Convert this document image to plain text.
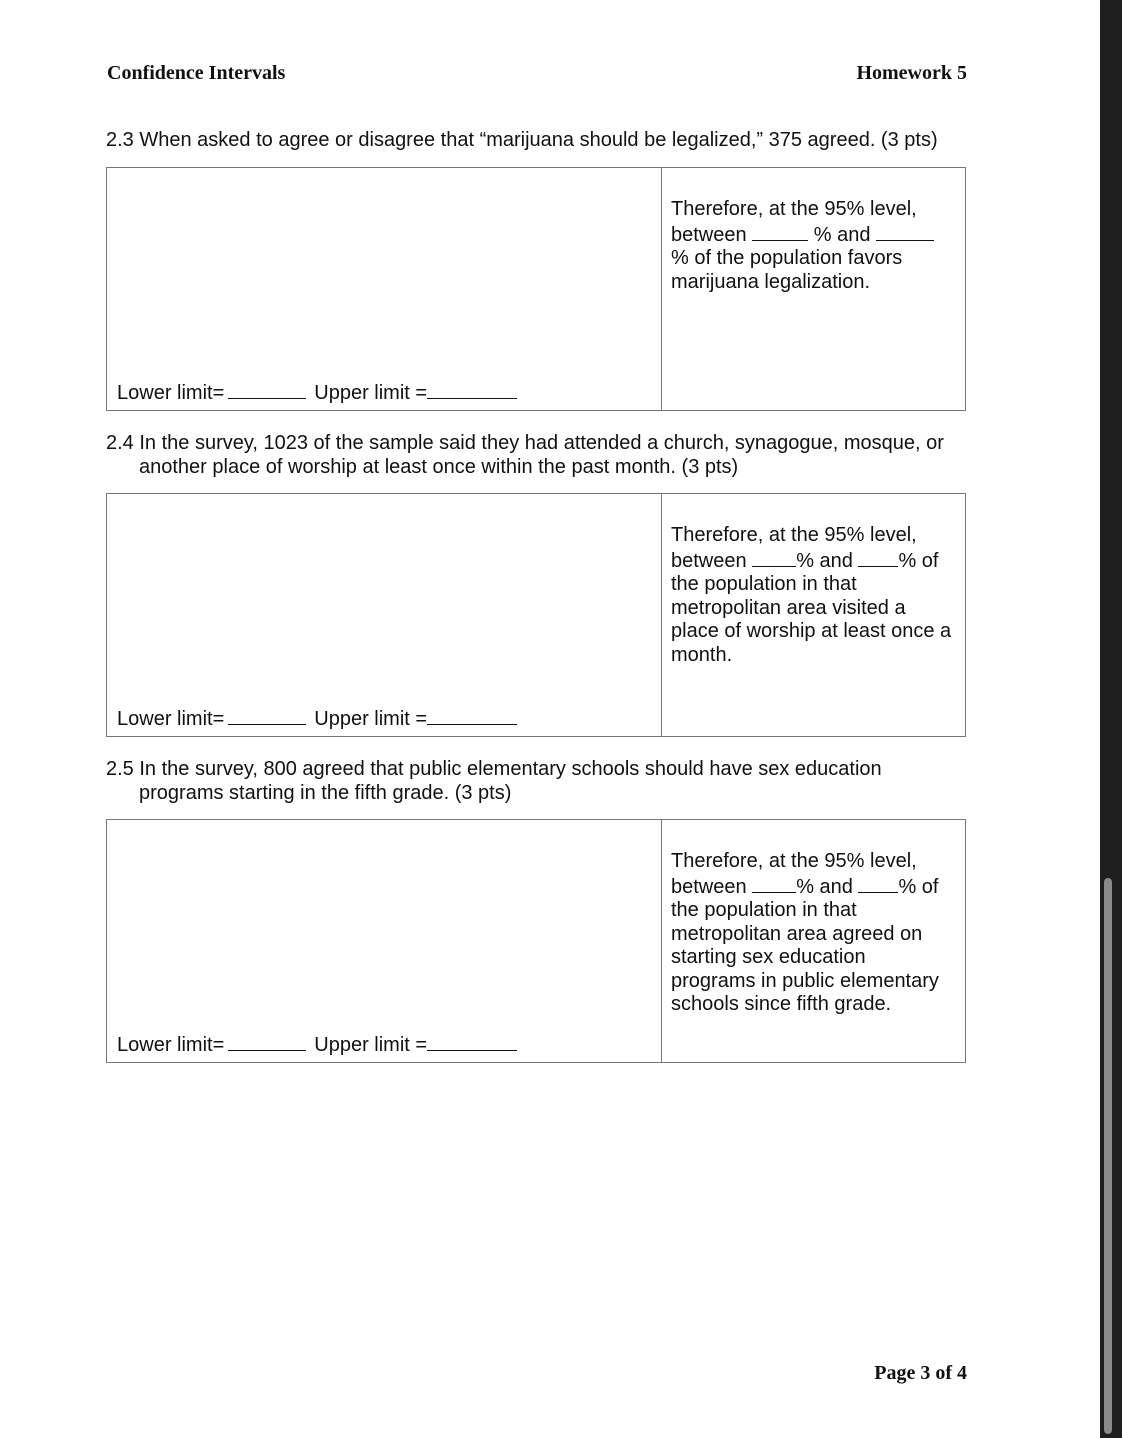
Confidence Intervals	Homework 5
2.3 When asked to agree or disagree that “marijuana should be legalized,” 375 agreed. (3 pts)
Lower limit=	Upper limit =
Therefore, at the 95% level,
between	% and
% of the population favors
marijuana legalization.
2.4 In the survey, 1023 of the sample said they had attended a church, synagogue, mosque, or
another place of worship at least once within the past month. (3 pts)
Lower limit=	Upper limit =
Therefore, at the 95% level,
between % and % of
the population in that
metropolitan area visited a
place of worship at least once a
month.
2.5 In the survey, 800 agreed that public elementary schools should have sex education
programs starting in the fifth grade. (3 pts)
Lower limit=	Upper limit =
Therefore, at the 95% level,
between % and % of
the population in that
metropolitan area agreed on
starting sex education
programs in public elementary
schools since fifth grade.
Page 3 of 4
